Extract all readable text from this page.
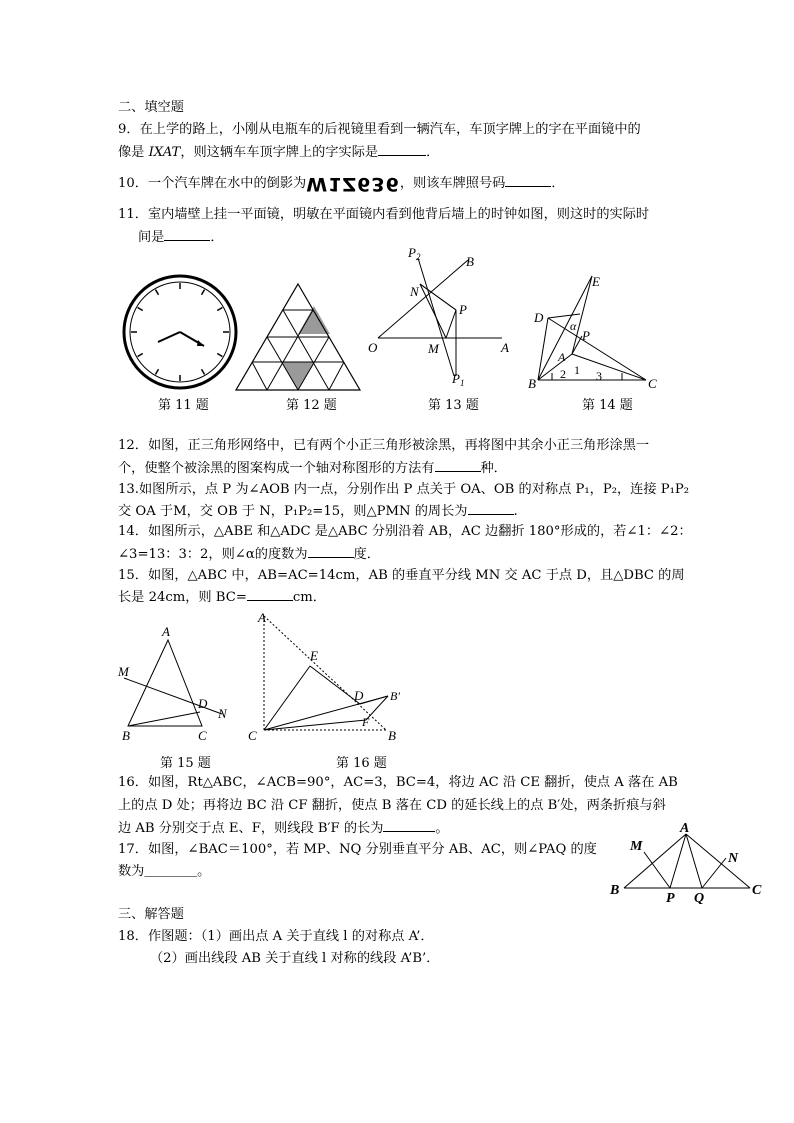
二、填空题
9．在上学的路上，小刚从电瓶车的后视镜里看到一辆汽车，车顶字牌上的字在平面镜中的
像是 IXAT，则这辆车车顶字牌上的字实际是	．
10．一个汽车牌在水中的倒影为W1Z636，则该车牌照号码	．
11．室内墙壁上挂一平面镜，明敏在平面镜内看到他背后墙上的时钟如图，则这时的实际时
间是	．
第 11 题	第 12 题
$P_2$	B
N
P
O	M	A
$P_1$
第 13 题
E
D
α
P
A
2 1 3
B	C
第 14 题
12．如图，正三角形网络中，已有两个小正三角形被涂黑，再将图中其余小正三角形涂黑一
个，使整个被涂黑的图案构成一个轴对称图形的方法有	种．
13.如图所示，点 P 为∠AOB 内一点，分别作出 P 点关于 OA、OB 的对称点 P₁，P₂，连接 P₁P₂
交 OA 于M，交 OB 于 N，P₁P₂=15，则△PMN 的周长为	.
14．如图所示，△ABE 和△ADC 是△ABC 分别沿着 AB，AC 边翻折 180°形成的，若∠1：∠2：
∠3=13：3：2，则∠α的度数为	度．
15．如图，△ABC 中，AB=AC=14cm，AB 的垂直平分线 MN 交 AC 于点 D，且△DBC 的周
长是 24cm，则 BC=	cm．
A
M
D
N
B	C
第 15 题
A
E
D B′
F
C	B
第 16 题
16．如图，Rt△ABC，∠ACB=90°，AC=3，BC=4，将边 AC 沿 CE 翻折，使点 A 落在 AB
上的点 D 处；再将边 BC 沿 CF 翻折，使点 B 落在 CD 的延长线上的点 B′处，两条折痕与斜
边 AB 分别交于点 E、F，则线段 B′F 的长为	。
17．如图，∠BAC＝100°，若 MP、NQ 分别垂直平分 AB、AC，则∠PAQ 的度
数为＿＿＿＿。
M
A
N
B
P Q
C
三、解答题
18．作图题：（1）画出点 A 关于直线 l 的对称点 A’．
（2）画出线段 AB 关于直线 l 对称的线段 A’B’．
